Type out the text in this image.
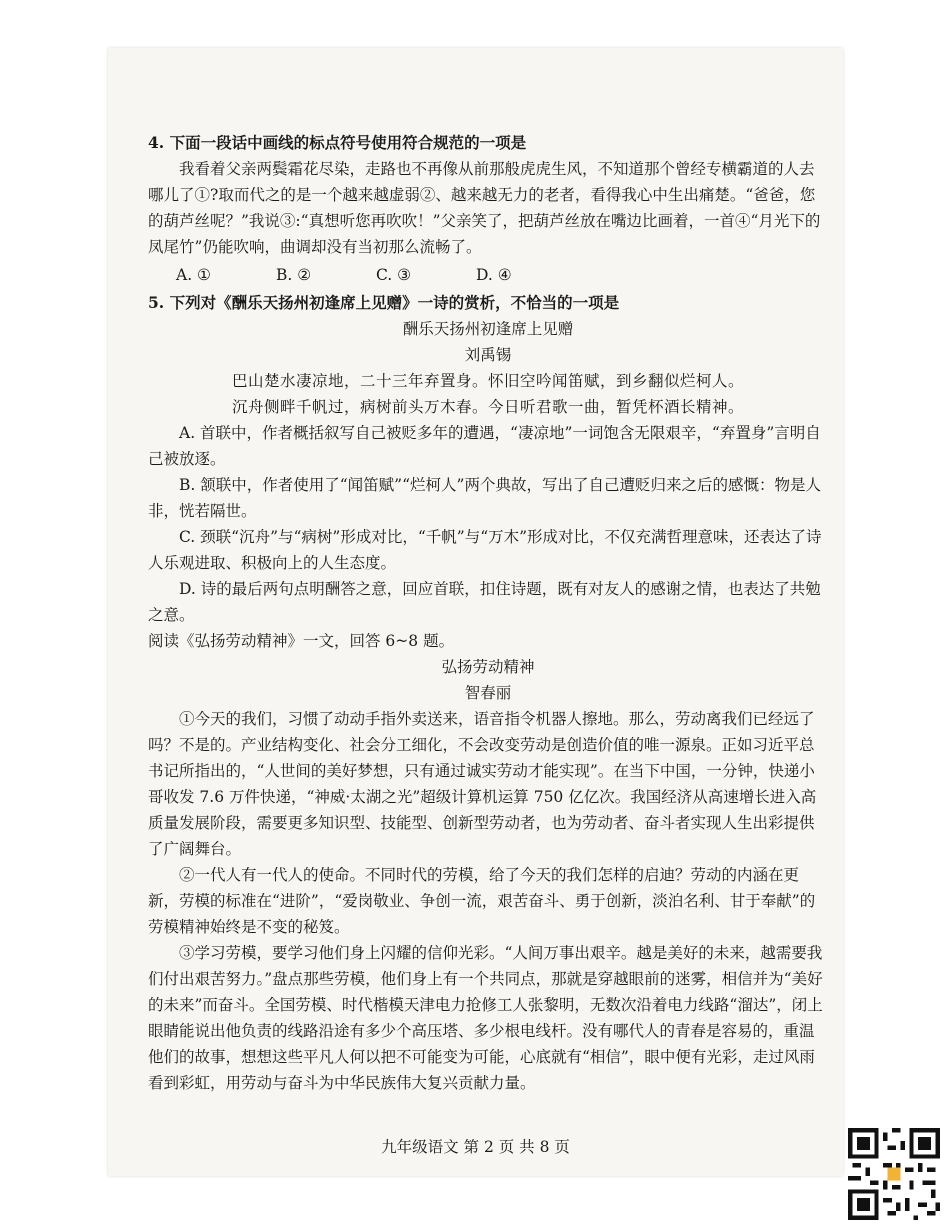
4. 下面一段话中画线的标点符号使用符合规范的一项是

我看着父亲两鬓霜花尽染，走路也不再像从前那般虎虎生风，不知道那个曾经专横霸道的人去哪儿了①?取而代之的是一个越来越虚弱②、越来越无力的老者，看得我心中生出痛楚。“爸爸，您的葫芦丝呢？”我说③:“真想听您再吹吹！”父亲笑了，把葫芦丝放在嘴边比画着，一首④“月光下的凤尾竹”仍能吹响，曲调却没有当初那么流畅了。

A. ①	B. ②	C. ③	D. ④

5. 下列对《酬乐天扬州初逢席上见赠》一诗的赏析，不恰当的一项是

酬乐天扬州初逢席上见赠

刘禹锡

巴山楚水凄凉地，二十三年弃置身。怀旧空吟闻笛赋，到乡翻似烂柯人。

沉舟侧畔千帆过，病树前头万木春。今日听君歌一曲，暂凭杯酒长精神。

A. 首联中，作者概括叙写自己被贬多年的遭遇，“凄凉地”一词饱含无限艰辛，“弃置身”言明自己被放逐。

B. 颔联中，作者使用了“闻笛赋”“烂柯人”两个典故，写出了自己遭贬归来之后的感慨：物是人非，恍若隔世。

C. 颈联“沉舟”与“病树”形成对比，“千帆”与“万木”形成对比，不仅充满哲理意味，还表达了诗人乐观进取、积极向上的人生态度。

D. 诗的最后两句点明酬答之意，回应首联，扣住诗题，既有对友人的感谢之情，也表达了共勉之意。

阅读《弘扬劳动精神》一文，回答 6~8 题。

弘扬劳动精神

智春丽

①今天的我们，习惯了动动手指外卖送来，语音指令机器人擦地。那么，劳动离我们已经远了吗？不是的。产业结构变化、社会分工细化，不会改变劳动是创造价值的唯一源泉。正如习近平总书记所指出的，“人世间的美好梦想，只有通过诚实劳动才能实现”。在当下中国，一分钟，快递小哥收发 7.6 万件快递，“神威·太湖之光”超级计算机运算 750 亿亿次。我国经济从高速增长进入高质量发展阶段，需要更多知识型、技能型、创新型劳动者，也为劳动者、奋斗者实现人生出彩提供了广阔舞台。

②一代人有一代人的使命。不同时代的劳模，给了今天的我们怎样的启迪？劳动的内涵在更新，劳模的标准在“进阶”，“爱岗敬业、争创一流，艰苦奋斗、勇于创新，淡泊名利、甘于奉献”的劳模精神始终是不变的秘笈。

③学习劳模，要学习他们身上闪耀的信仰光彩。“人间万事出艰辛。越是美好的未来，越需要我们付出艰苦努力。”盘点那些劳模，他们身上有一个共同点，那就是穿越眼前的迷雾，相信并为“美好的未来”而奋斗。全国劳模、时代楷模天津电力抢修工人张黎明，无数次沿着电力线路“溜达”，闭上眼睛能说出他负责的线路沿途有多少个高压塔、多少根电线杆。没有哪代人的青春是容易的，重温他们的故事，想想这些平凡人何以把不可能变为可能，心底就有“相信”，眼中便有光彩，走过风雨看到彩虹，用劳动与奋斗为中华民族伟大复兴贡献力量。

九年级语文 第 2 页 共 8 页
